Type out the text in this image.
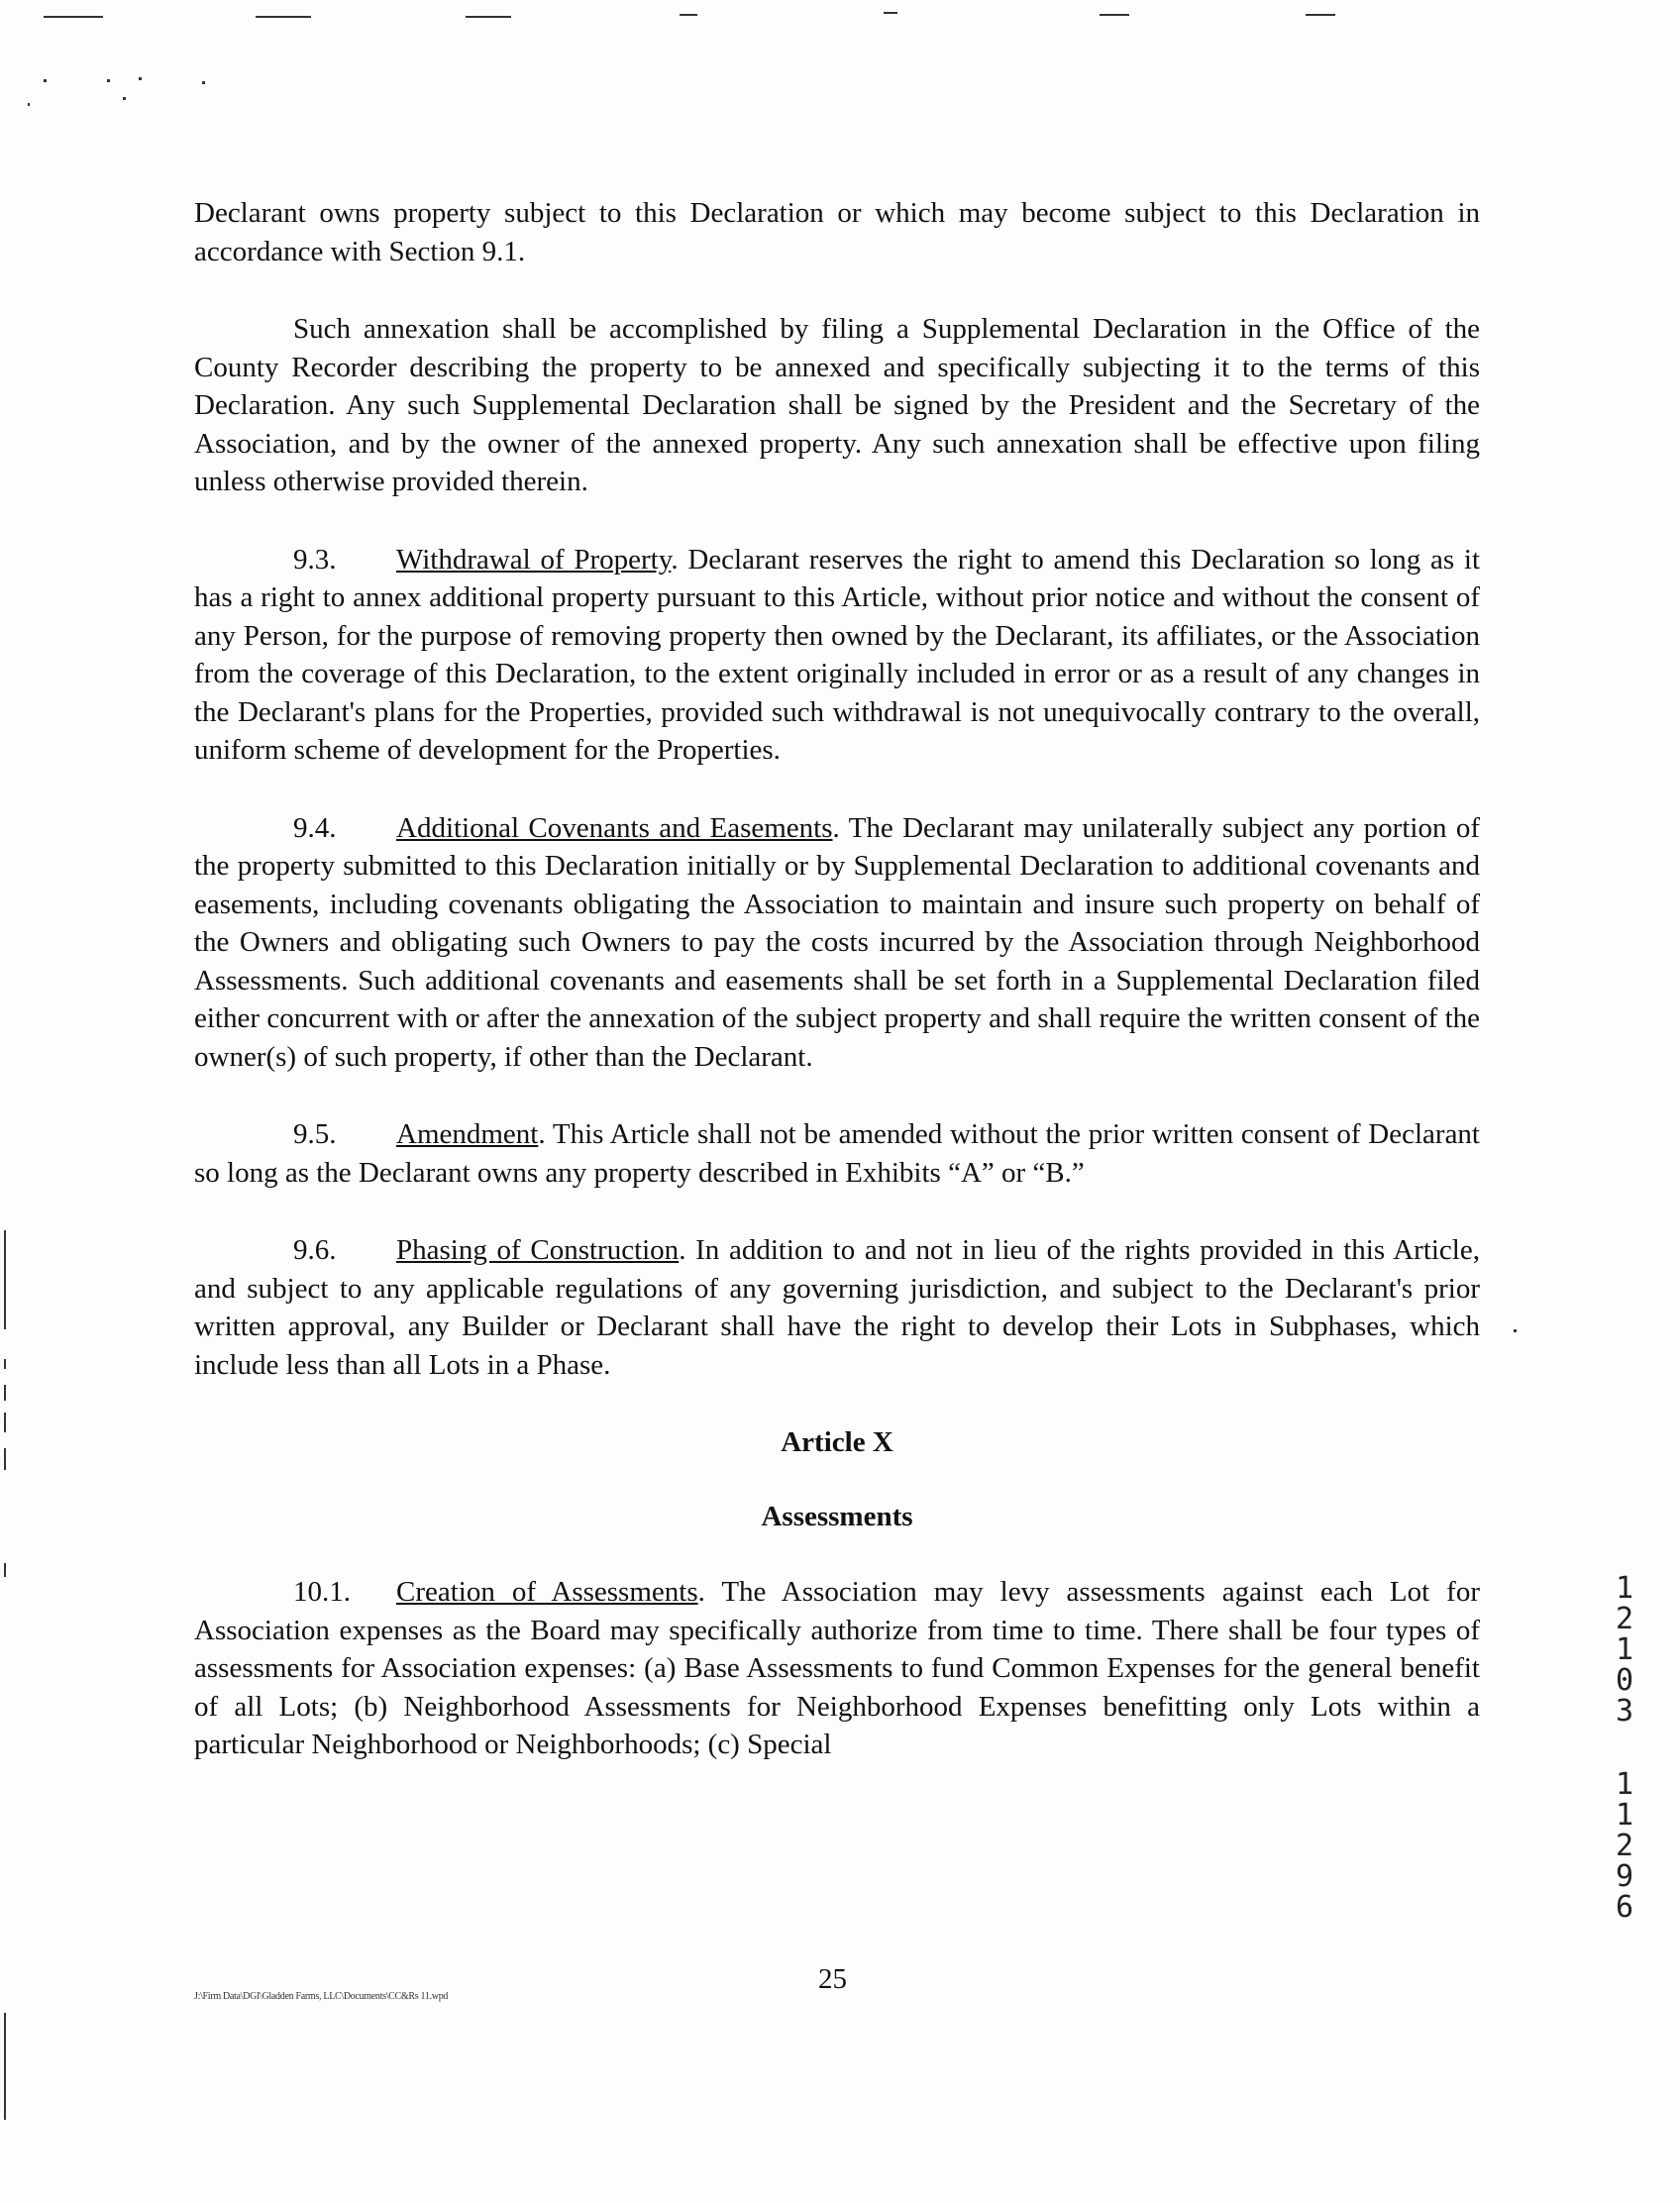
Declarant owns property subject to this Declaration or which may become subject to this Declaration in accordance with Section 9.1.

Such annexation shall be accomplished by filing a Supplemental Declaration in the Office of the County Recorder describing the property to be annexed and specifically subjecting it to the terms of this Declaration. Any such Supplemental Declaration shall be signed by the President and the Secretary of the Association, and by the owner of the annexed property. Any such annexation shall be effective upon filing unless otherwise provided therein.

9.3. Withdrawal of Property. Declarant reserves the right to amend this Declaration so long as it has a right to annex additional property pursuant to this Article, without prior notice and without the consent of any Person, for the purpose of removing property then owned by the Declarant, its affiliates, or the Association from the coverage of this Declaration, to the extent originally included in error or as a result of any changes in the Declarant's plans for the Properties, provided such withdrawal is not unequivocally contrary to the overall, uniform scheme of development for the Properties.

9.4. Additional Covenants and Easements. The Declarant may unilaterally subject any portion of the property submitted to this Declaration initially or by Supplemental Declaration to additional covenants and easements, including covenants obligating the Association to maintain and insure such property on behalf of the Owners and obligating such Owners to pay the costs incurred by the Association through Neighborhood Assessments. Such additional covenants and easements shall be set forth in a Supplemental Declaration filed either concurrent with or after the annexation of the subject property and shall require the written consent of the owner(s) of such property, if other than the Declarant.

9.5. Amendment. This Article shall not be amended without the prior written consent of Declarant so long as the Declarant owns any property described in Exhibits “A” or “B.”

9.6. Phasing of Construction. In addition to and not in lieu of the rights provided in this Article, and subject to any applicable regulations of any governing jurisdiction, and subject to the Declarant's prior written approval, any Builder or Declarant shall have the right to develop their Lots in Subphases, which include less than all Lots in a Phase.

Article X

Assessments

10.1. Creation of Assessments. The Association may levy assessments against each Lot for Association expenses as the Board may specifically authorize from time to time. There shall be four types of assessments for Association expenses: (a) Base Assessments to fund Common Expenses for the general benefit of all Lots; (b) Neighborhood Assessments for Neighborhood Expenses benefitting only Lots within a particular Neighborhood or Neighborhoods; (c) Special

25
J:\Firm Data\DGI\Gladden Farms, LLC\Documents\CC&Rs 11.wpd
1
2
1
0
3
1
1
2
9
6
